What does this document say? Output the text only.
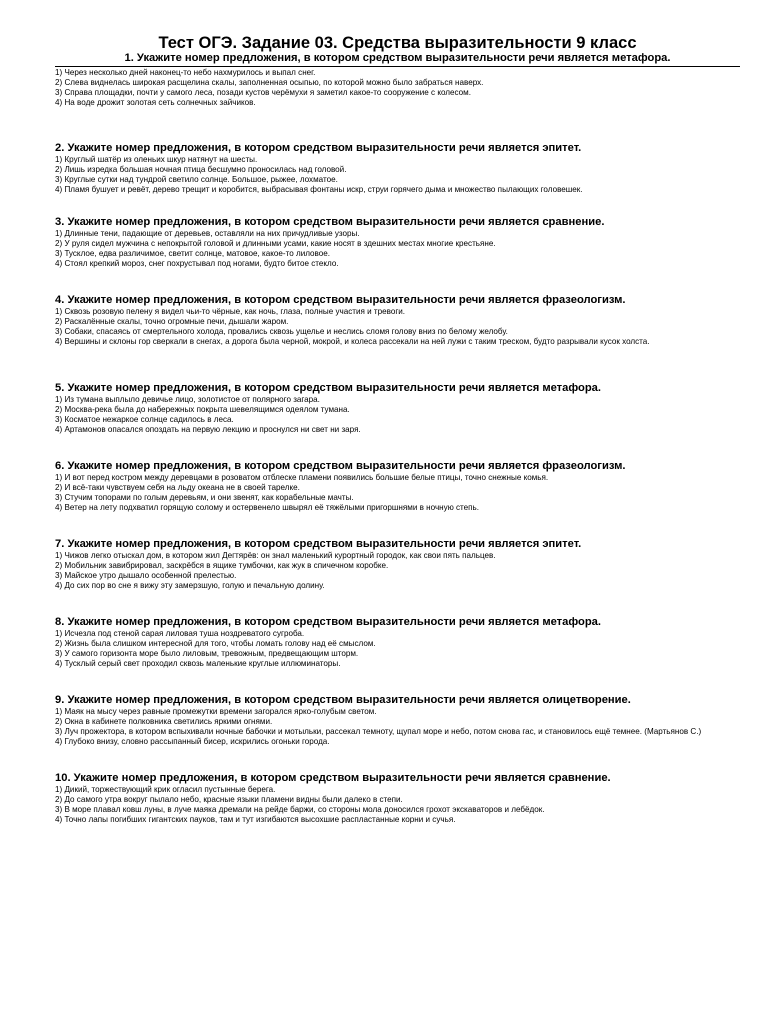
Тест ОГЭ. Задание 03. Средства выразительности 9 класс
1. Укажите номер предложения, в котором средством выразительности речи является метафора.

1) Через несколько дней наконец-то небо нахмурилось и выпал снег.

2) Слева виднелась широкая расщелина скалы, заполненная осыпью, по которой можно было забраться наверх.

3) Справа площадки, почти у самого леса, позади кустов черёмухи я заметил какое-то сооружение с колесом.

4) На воде дрожит золотая сеть солнечных зайчиков.

2. Укажите номер предложения, в котором средством выразительности речи является эпитет.

1) Круглый шатёр из оленьих шкур натянут на шесты.

2) Лишь изредка большая ночная птица бесшумно проносилась над головой.

3) Круглые сутки над тундрой светило солнце. Большое, рыжее, лохматое.

4) Пламя бушует и ревёт, дерево трещит и коробится, выбрасывая фонтаны искр, струи горячего дыма и множество пылающих головешек.

3. Укажите номер предложения, в котором средством выразительности речи является сравнение.

1) Длинные тени, падающие от деревьев, оставляли на них причудливые узоры.

2) У руля сидел мужчина с непокрытой головой и длинными усами, какие носят в здешних местах многие крестьяне.

3) Тусклое, едва различимое, светит солнце, матовое, какое-то лиловое.

4) Стоял крепкий мороз, снег похрустывал под ногами, будто битое стекло.

4. Укажите номер предложения, в котором средством выразительности речи является фразеологизм.

1) Сквозь розовую пелену я видел чьи-то чёрные, как ночь, глаза, полные участия и тревоги.

2) Раскалённые скалы, точно огромные печи, дышали жаром.

3) Собаки, спасаясь от смертельного холода, провались сквозь ущелье и неслись сломя голову вниз по белому желобу.

4) Вершины и склоны гор сверкали в снегах, а дорога была черной, мокрой, и колеса рассекали на ней лужи с таким треском, будто разрывали кусок холста.

5. Укажите номер предложения, в котором средством выразительности речи является метафора.

1) Из тумана выплыло девичье лицо, золотистое от полярного загара.

2) Москва-река была до набережных покрыта шевелящимся одеялом тумана.

3) Косматое нежаркое солнце садилось в леса.

4) Артамонов опасался опоздать на первую лекцию и проснулся ни свет ни заря.

6. Укажите номер предложения, в котором средством выразительности речи является фразеологизм.

1) И вот перед костром между деревцами в розоватом отблеске пламени появились большие белые птицы, точно снежные комья.

2) И всё-таки чувствуем себя на льду океана не в своей тарелке.

3) Стучим топорами по голым деревьям, и они звенят, как корабельные мачты.

4) Ветер на лету подхватил горящую солому и остервенело швырял её тяжёлыми пригоршнями в ночную степь.

7. Укажите номер предложения, в котором средством выразительности речи является эпитет.

1) Чижов легко отыскал дом, в котором жил Дегтярёв: он знал маленький курортный городок, как свои пять пальцев.

2) Мобильник завибрировал, заскрёбся в ящике тумбочки, как жук в спичечном коробке.

3) Майское утро дышало особенной прелестью.

4) До сих пор во сне я вижу эту замерзшую, голую и печальную долину.

8. Укажите номер предложения, в котором средством выразительности речи является метафора.

1) Исчезла под стеной сарая лиловая туша ноздреватого сугроба.

2) Жизнь была слишком интересной для того, чтобы ломать голову над её смыслом.

3) У самого горизонта море было лиловым, тревожным, предвещающим шторм.

4) Тусклый серый свет проходил сквозь маленькие круглые иллюминаторы.

9. Укажите номер предложения, в котором средством выразительности речи является олицетворение.

1) Маяк на мысу через равные промежутки времени загорался ярко-голубым светом.

2) Окна в кабинете полковника светились яркими огнями.

3) Луч прожектора, в котором вспыхивали ночные бабочки и мотыльки, рассекал темноту, щупал море и небо, потом снова гас, и становилось ещё темнее. (Мартьянов С.)

4) Глубоко внизу, словно рассыпанный бисер, искрились огоньки города.

10. Укажите номер предложения, в котором средством выразительности речи является сравнение.

1) Дикий, торжествующий крик огласил пустынные берега.

2) До самого утра вокруг пылало небо, красные языки пламени видны были далеко в степи.

3) В море плавал ковш луны, в луче маяка дремали на рейде баржи, со стороны мола доносился грохот экскаваторов и лебёдок.

4) Точно лапы погибших гигантских пауков, там и тут изгибаются высохшие распластанные корни и сучья.
